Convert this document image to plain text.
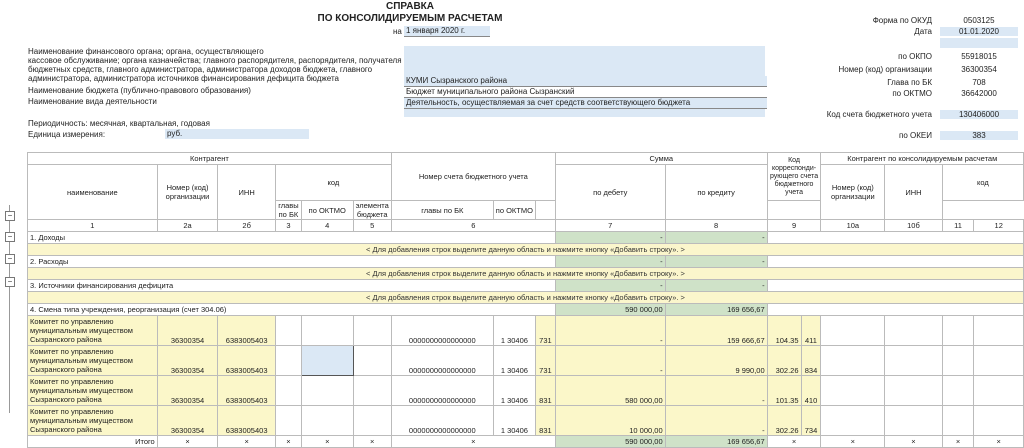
СПРАВКА
ПО КОНСОЛИДИРУЕМЫМ РАСЧЕТАМ
на 1 января 2020 г.
Форма по ОКУД	0503125
Дата	01.01.2020
по ОКПО	55918015
Номер (код) организации	36300354
Глава по БК	708
по ОКТМО	36642000
Код счета бюджетного учета	130406000
по ОКЕИ	383
Наименование финансового органа; органа, осуществляющего
кассовое обслуживание; органа казначейства; главного распорядителя, распорядителя, получателя
бюджетных средств, главного администратора, администратора доходов бюджета, главного
администратора, администратора источников финансирования дефицита бюджета
Наименование бюджета (публично-правового образования)
Наименование вида деятельности
Периодичность: месячная, квартальная, годовая
Единица измерения:
КУМИ Сызранского района
Бюджет муниципального района Сызранский
Деятельность, осуществляемая за счет средств соответствующего бюджета
руб.
−
−
−
−
Контрагент						Номер счета бюджетного учета			Сумма		Код корреспонди-рующего счета бюджетного учета		Контрагент по консолидируемым расчетам			
наименование	Номер (код) организации	ИНН	код						по дебету	по кредиту			Номер (код) организации	ИНН	код	
			главы по БК	по ОКТМО	элемента бюджета	главы по БК	по ОКТМО									
1	2а	2б	3	4	5	6			7	8	9		10а	10б	11	12
1. Доходы									-	-						
< Для добавления строк выделите данную область и нажмите кнопку «Добавить строку». >																
2. Расходы									-	-						
< Для добавления строк выделите данную область и нажмите кнопку «Добавить строку». >																
3. Источники финансирования дефицита									-	-						
< Для добавления строк выделите данную область и нажмите кнопку «Добавить строку». >																
4. Смена типа учреждения, реорганизация (счет 304.06)									590 000,00	169 656,67						
Комитет по управлению муниципальным имуществом Сызранского района	36300354	6383005403				0000000000000000	1 30406	731	-	159 666,67	104.35	411				
Комитет по управлению муниципальным имуществом Сызранского района	36300354	6383005403				0000000000000000	1 30406	731	-	9 990,00	302.26	834				
Комитет по управлению муниципальным имуществом Сызранского района	36300354	6383005403				0000000000000000	1 30406	831	580 000,00	-	101.35	410				
Комитет по управлению муниципальным имуществом Сызранского района	36300354	6383005403				0000000000000000	1 30406	831	10 000,00	-	302.26	734				
Итого	×	×	×	×	×	×			590 000,00	169 656,67	×		×	×	×	×
